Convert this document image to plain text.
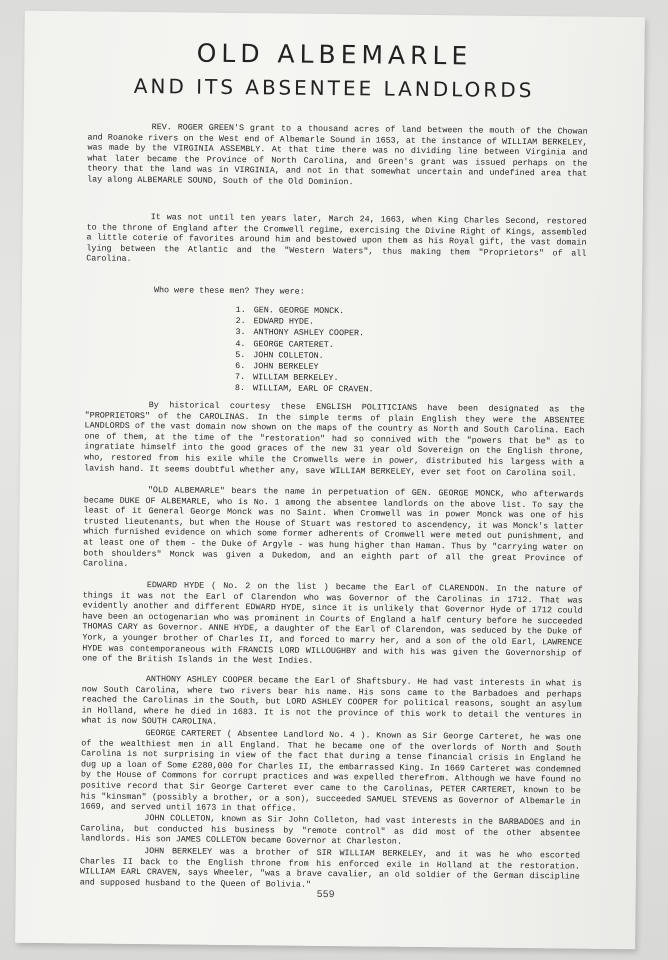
OLD ALBEMARLE
AND ITS ABSENTEE LANDLORDS

REV. ROGER GREEN'S grant to a thousand acres of land between the mouth of the Chowan and Roanoke rivers on the West end of Albemarle Sound in 1653, at the instance of WILLIAM BERKELEY, was made by the VIRGINIA ASSEMBLY. At that time there was no dividing line between Virginia and what later became the Province of North Carolina, and Green's grant was issued perhaps on the theory that the land was in VIRGINIA, and not in that somewhat uncertain and undefined area that lay along ALBEMARLE SOUND, South of the Old Dominion.

It was not until ten years later, March 24, 1663, when King Charles Second, restored to the throne of England after the Cromwell regime, exercising the Divine Right of Kings, assembled a little coterie of favorites around him and bestowed upon them as his Royal gift, the vast domain lying between the Atlantic and the "Western Waters", thus making them "Proprietors" of all Carolina.

Who were these men? They were:
1. GEN. GEORGE MONCK.
2. EDWARD HYDE.
3. ANTHONY ASHLEY COOPER.
4. GEORGE CARTERET.
5. JOHN COLLETON.
6. JOHN BERKELEY
7. WILLIAM BERKELEY.
8. WILLIAM, EARL OF CRAVEN.

By historical courtesy these ENGLISH POLITICIANS have been designated as the "PROPRIETORS" of the CAROLINAS. In the simple terms of plain English they were the ABSENTEE LANDLORDS of the vast domain now shown on the maps of the country as North and South Carolina. Each one of them, at the time of the "restoration" had so connived with the "powers that be" as to ingratiate himself into the good graces of the new 31 year old Sovereign on the English throne, who, restored from his exile while the Cromwells were in power, distributed his largess with a lavish hand. It seems doubtful whether any, save WILLIAM BERKELEY, ever set foot on Carolina soil.

"OLD ALBEMARLE" bears the name in perpetuation of GEN. GEORGE MONCK, who afterwards became DUKE OF ALBEMARLE, who is No. 1 among the absentee landlords on the above list. To say the least of it General George Monck was no Saint. When Cromwell was in power Monck was one of his trusted lieutenants, but when the House of Stuart was restored to ascendency, it was Monck's latter which furnished evidence on which some former adherents of Cromwell were meted out punishment, and at least one of them - the Duke of Argyle - was hung higher than Haman. Thus by "carrying water on both shoulders" Monck was given a Dukedom, and an eighth part of all the great Province of Carolina.

EDWARD HYDE ( No. 2 on the list ) became the Earl of CLARENDON. In the nature of things it was not the Earl of Clarendon who was Governor of the Carolinas in 1712. That was evidently another and different EDWARD HYDE, since it is unlikely that Governor Hyde of 1712 could have been an octogenarian who was prominent in Courts of England a half century before he succeeded THOMAS CARY as Governor. ANNE HYDE, a daughter of the Earl of Clarendon, was seduced by the Duke of York, a younger brother of Charles II, and forced to marry her, and a son of the old Earl, LAWRENCE HYDE was contemporaneous with FRANCIS LORD WILLOUGHBY and with his was given the Governorship of one of the British Islands in the West Indies.

ANTHONY ASHLEY COOPER became the Earl of Shaftsbury. He had vast interests in what is now South Carolina, where two rivers bear his name. His sons came to the Barbadoes and perhaps reached the Carolinas in the South, but LORD ASHLEY COOPER for political reasons, sought an asylum in Holland, where he died in 1683. It is not the province of this work to detail the ventures in what is now SOUTH CAROLINA.

GEORGE CARTERET ( Absentee Landlord No. 4 ). Known as Sir George Carteret, he was one of the wealthiest men in all England. That he became one of the overlords of North and South Carolina is not surprising in view of the fact that during a tense financial crisis in England he dug up a loan of Some £280,000 for Charles II, the embarrassed King. In 1669 Carteret was condemned by the House of Commons for corrupt practices and was expelled therefrom. Although we have found no positive record that Sir George Carteret ever came to the Carolinas, PETER CARTERET, known to be his "kinsman" (possibly a brother, or a son), succeeded SAMUEL STEVENS as Governor of Albemarle in 1669, and served until 1673 in that office.

JOHN COLLETON, known as Sir John Colleton, had vast interests in the BARBADOES and in Carolina, but conducted his business by "remote control" as did most of the other absentee landlords. His son JAMES COLLETON became Governor at Charleston.

JOHN BERKELEY was a brother of SIR WILLIAM BERKELEY, and it was he who escorted Charles II back to the English throne from his enforced exile in Holland at the restoration. WILLIAM EARL CRAVEN, says Wheeler, "was a brave cavalier, an old soldier of the German discipline and supposed husband to the Queen of Bolivia."

559
